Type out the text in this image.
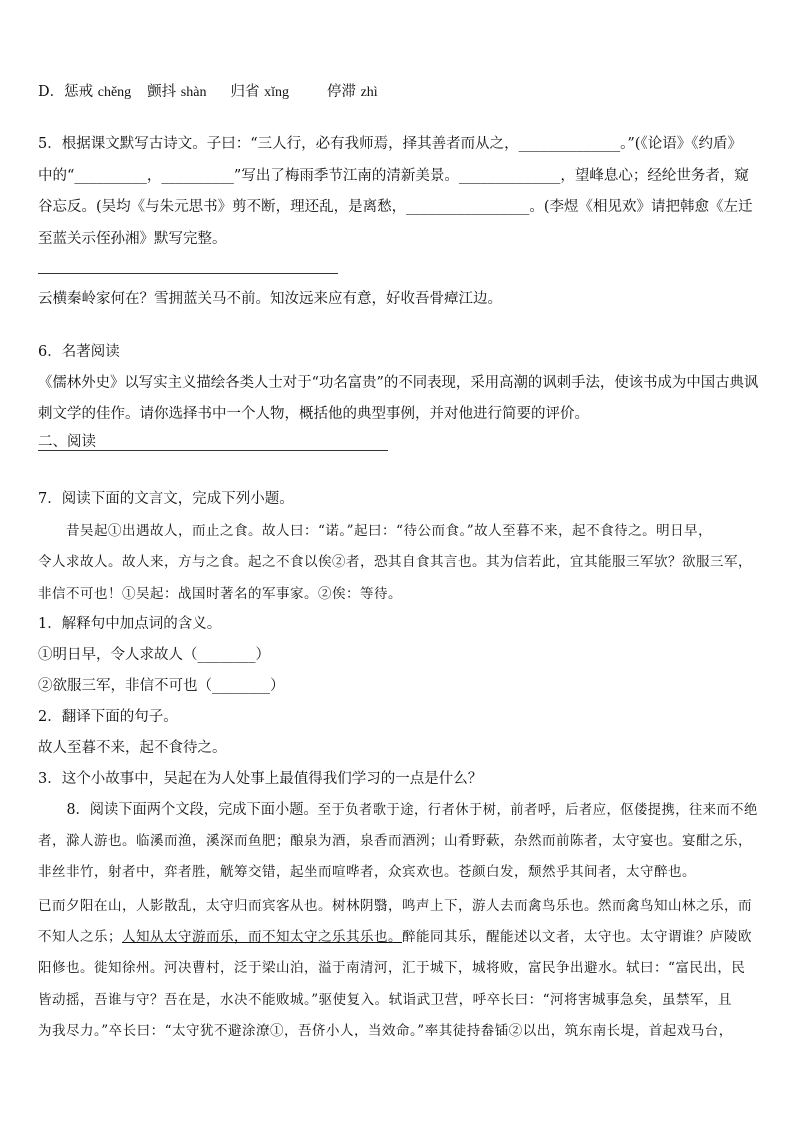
D．惩戒 chěng 颤抖 shàn 归省 xǐng	停滞 zhì
5．根据课文默写古诗文。子曰：“三人行，必有我师焉，择其善者而从之，______________。”(《论语》《约盾》
中的“__________，__________”写出了梅雨季节江南的清新美景。______________，望峰息心；经纶世务者，窥
谷忘反。(吴均《与朱元思书》剪不断，理还乱，是离愁，_________________。(李煜《相见欢》请把韩愈《左迁
至蓝关示侄孙湘》默写完整。
云横秦岭家何在？雪拥蓝关马不前。知汝远来应有意，好收吾骨瘴江边。
6．名著阅读
《儒林外史》以写实主义描绘各类人士对于“功名富贵”的不同表现，采用高潮的讽刺手法，使该书成为中国古典讽
刺文学的佳作。请你选择书中一个人物，概括他的典型事例，并对他进行简要的评价。
二、阅读
7．阅读下面的文言文，完成下列小题。
　　昔吴起①出遇故人，而止之食。故人曰：“诺。”起曰：“待公而食。”故人至暮不来，起不食待之。明日早，
令人求故人。故人来，方与之食。起之不食以俟②者，恐其自食其言也。其为信若此，宜其能服三军欤？欲服三军，
非信不可也！①吴起：战国时著名的军事家。②俟：等待。
1．解释句中加点词的含义。
①明日早，令人求故人（________）
②欲服三军，非信不可也（________）
2．翻译下面的句子。
故人至暮不来，起不食待之。
3．这个小故事中，吴起在为人处事上最值得我们学习的一点是什么？
　　8．阅读下面两个文段，完成下面小题。至于负者歌于途，行者休于树，前者呼，后者应，伛偻提携，往来而不绝
者，滁人游也。临溪而渔，溪深而鱼肥；酿泉为酒，泉香而酒洌；山肴野蔌，杂然而前陈者，太守宴也。宴酣之乐，
非丝非竹，射者中，弈者胜，觥筹交错，起坐而喧哗者，众宾欢也。苍颜白发，颓然乎其间者，太守醉也。
已而夕阳在山，人影散乱，太守归而宾客从也。树林阴翳，鸣声上下，游人去而禽鸟乐也。然而禽鸟知山林之乐，而
不知人之乐；人知从太守游而乐，而不知太守之乐其乐也。醉能同其乐，醒能述以文者，太守也。太守谓谁？庐陵欧
阳修也。徙知徐州。河决曹村，泛于梁山泊，溢于南清河，汇于城下，城将败，富民争出避水。轼曰：“富民出，民
皆动摇，吾谁与守？吾在是，水决不能败城。”驱使复入。轼诣武卫营，呼卒长曰：“河将害城事急矣，虽禁军，且
为我尽力。”卒长曰：“太守犹不避涂潦①，吾侪小人，当效命。”率其徒持畚锸②以出，筑东南长堤，首起戏马台，
